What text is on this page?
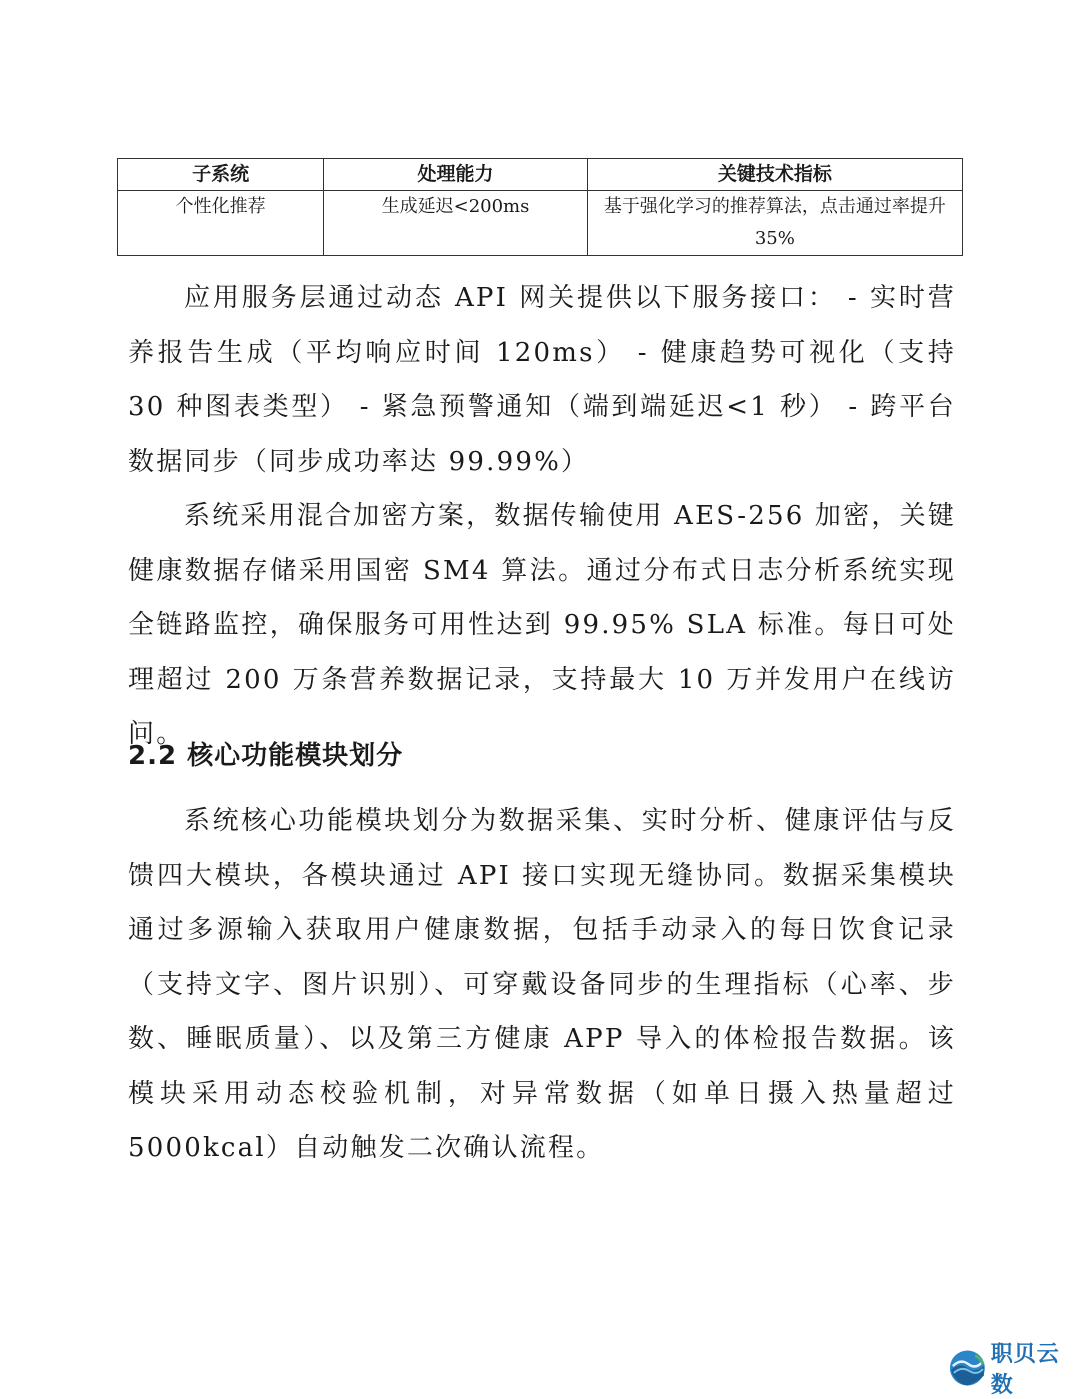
子系统	处理能力	关键技术指标
个性化推荐	生成延迟<200ms	基于强化学习的推荐算法，点击通过率提升 35%

应用服务层通过动态 API 网关提供以下服务接口： - 实时营养报告生成（平均响应时间 120ms） - 健康趋势可视化（支持 30 种图表类型） - 紧急预警通知（端到端延迟<1 秒） - 跨平台数据同步（同步成功率达 99.99%）

系统采用混合加密方案，数据传输使用 AES-256 加密，关键健康数据存储采用国密 SM4 算法。通过分布式日志分析系统实现全链路监控，确保服务可用性达到 99.95% SLA 标准。每日可处理超过 200 万条营养数据记录，支持最大 10 万并发用户在线访问。

2.2 核心功能模块划分

系统核心功能模块划分为数据采集、实时分析、健康评估与反馈四大模块，各模块通过 API 接口实现无缝协同。数据采集模块通过多源输入获取用户健康数据，包括手动录入的每日饮食记录（支持文字、图片识别）、可穿戴设备同步的生理指标（心率、步数、睡眠质量）、以及第三方健康 APP 导入的体检报告数据。该模块采用动态校验机制，对异常数据（如单日摄入热量超过 5000kcal）自动触发二次确认流程。

职贝云数
